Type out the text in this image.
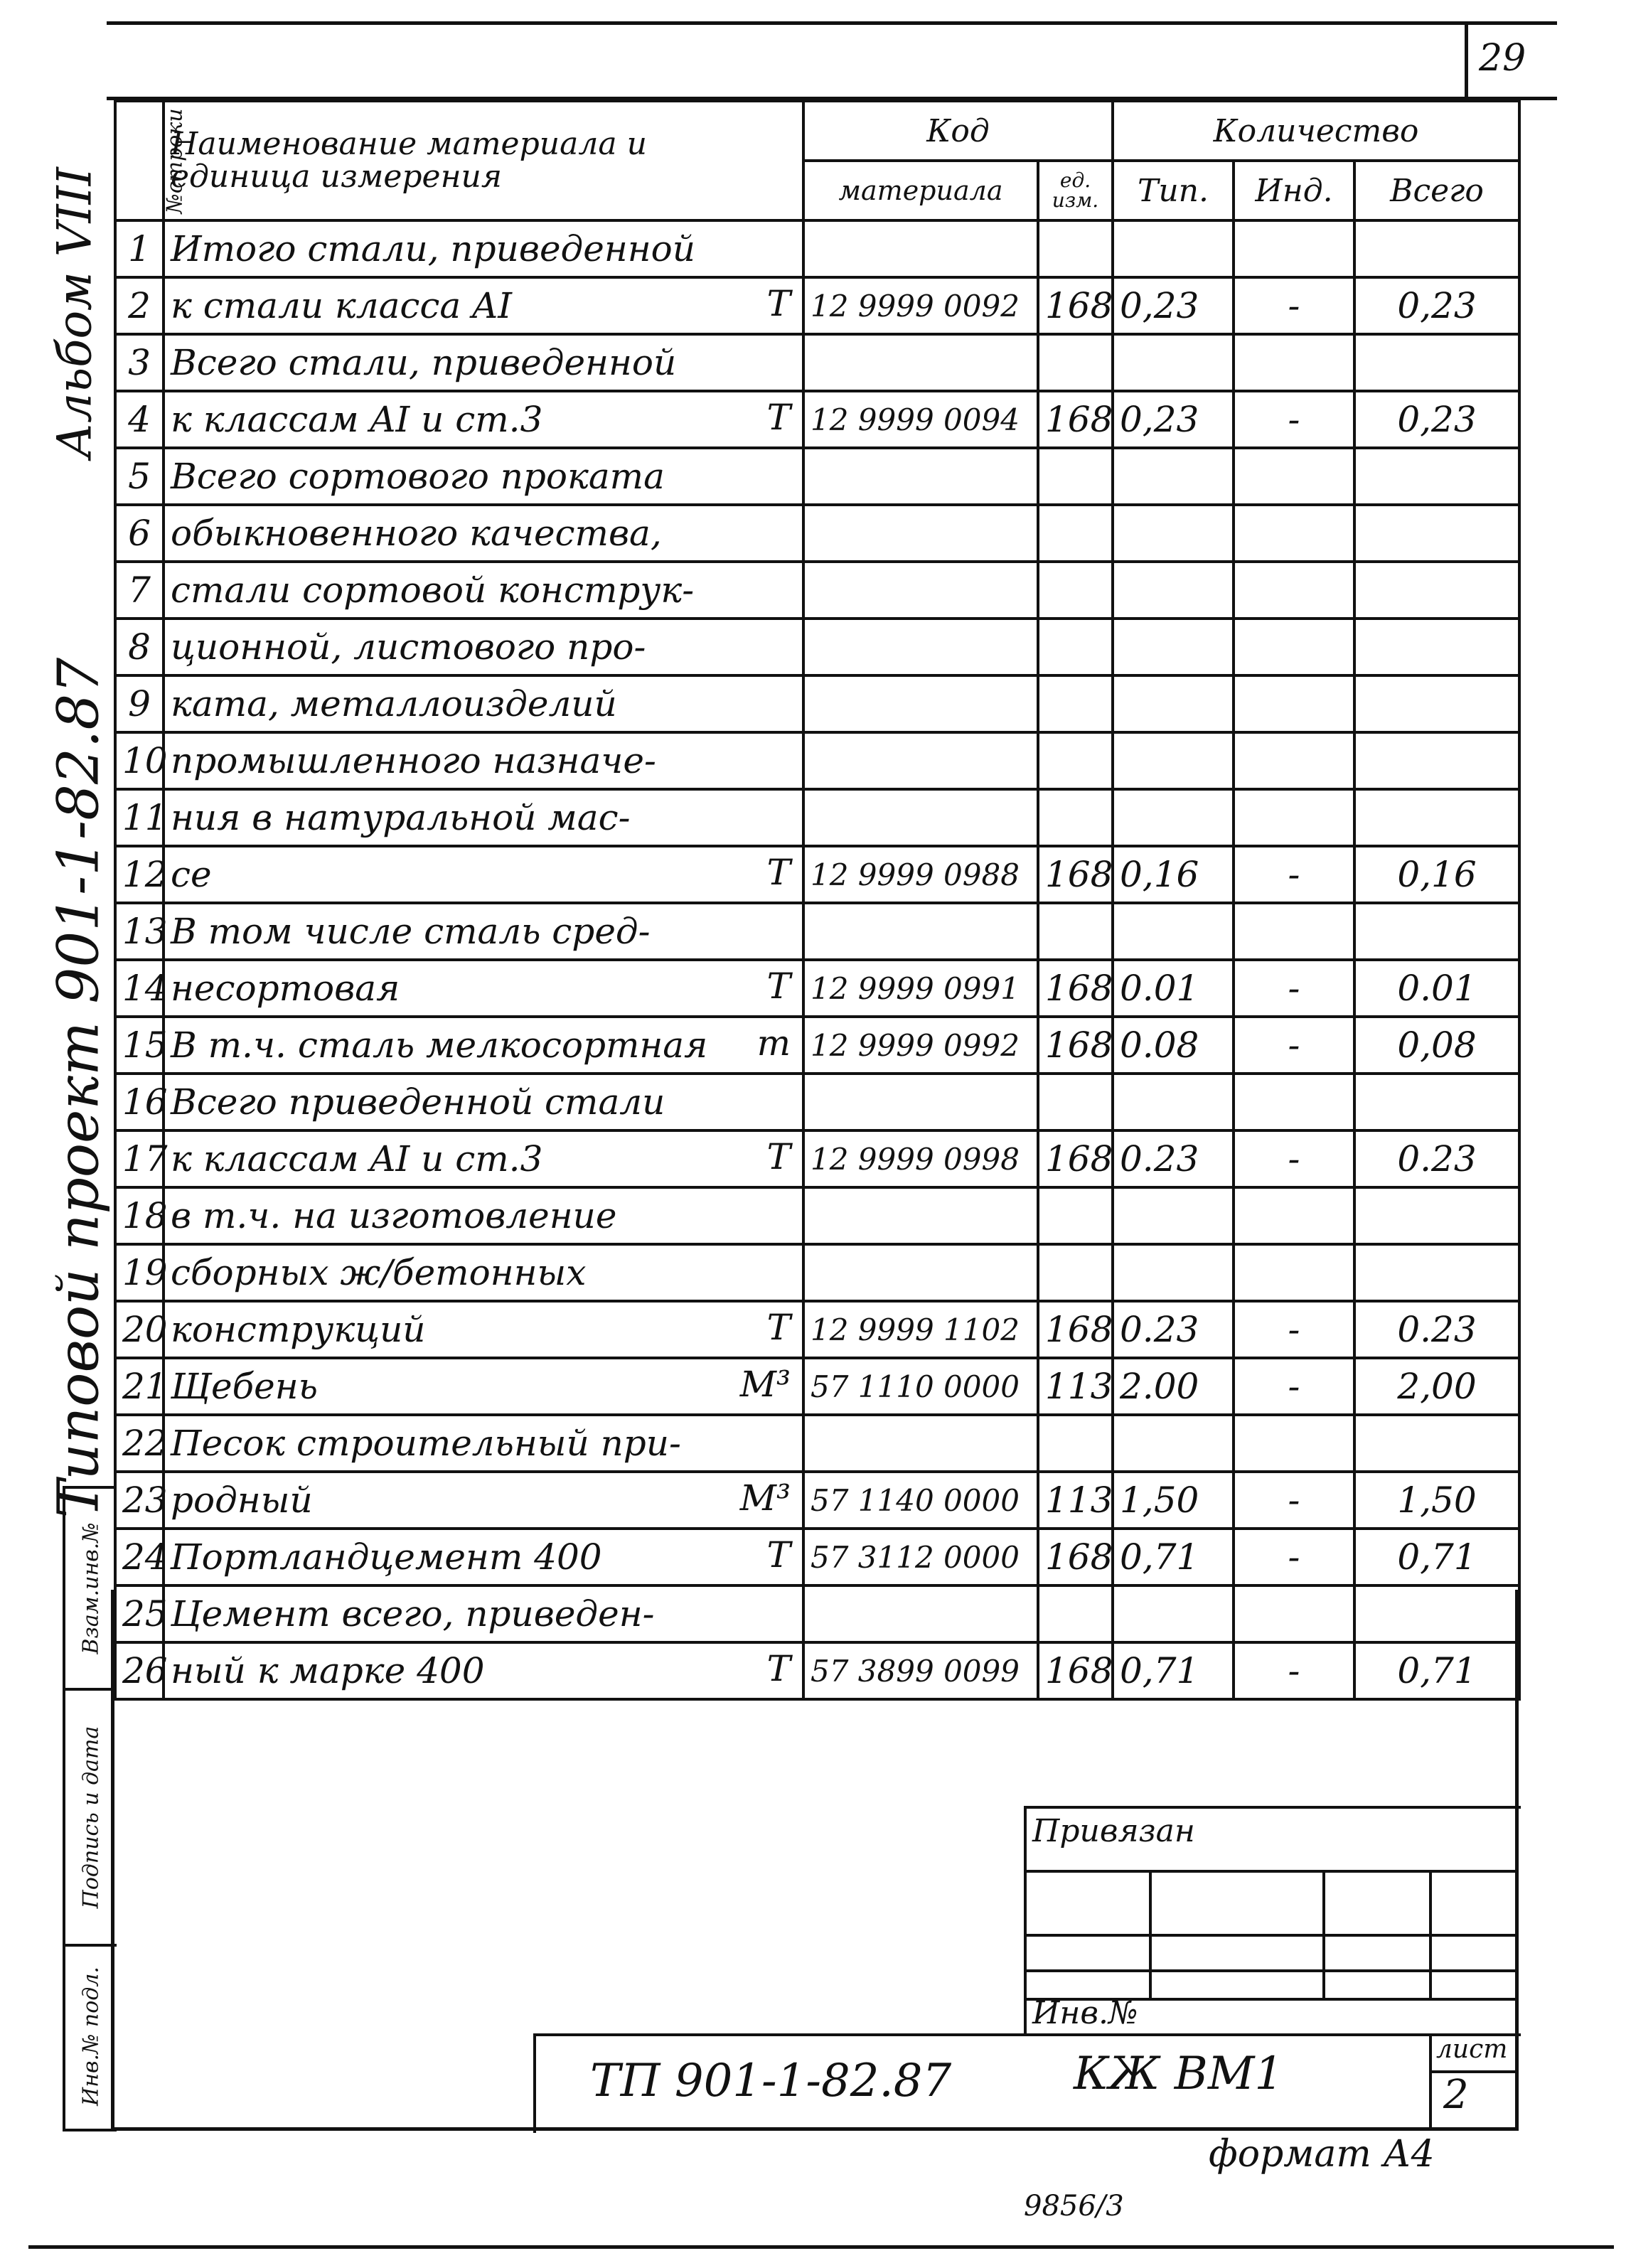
29
Альбом VIII
Типовой проект 901-1-82.87
№строки	Наименование материала и единица измерения	Код		Количество		
		материала	ед. изм.	Тип.	Инд.	Всего
1	Итого стали, приведенной

2	к стали класса AI Т	12 9999 0092	168	0,23	-	0,23
3	Всего стали, приведенной

4	к классам AI и ст.3 Т	12 9999 0094	168	0,23	-	0,23
5	Всего сортового проката

6	обыкновенного качества,

7	стали сортовой конструк-

8	ционной, листового про-

9	ката, металлоизделий

10	промышленного назначе-

11	ния в натуральной мас-

12	се Т	12 9999 0988	168	0,16	-	0,16
13	В том числе сталь сред-

14	несортовая Т	12 9999 0991	168	0.01	-	0.01
15	В т.ч. сталь мелкосортная т	12 9999 0992	168	0.08	-	0,08
16	Всего приведенной стали

17	к классам AI и ст.3 Т	12 9999 0998	168	0.23	-	0.23
18	в т.ч. на изготовление

19	сборных ж/бетонных

20	конструкций Т	12 9999 1102	168	0.23	-	0.23
21	Щебень М³	57 1110 0000	113	2.00	-	2,00
22	Песок строительный при-

23	родный М³	57 1140 0000	113	1,50	-	1,50
24	Портландцемент 400 Т	57 3112 0000	168	0,71	-	0,71
25	Цемент всего, приведен-

26	ный к марке 400 Т	57 3899 0099	168	0,71	-	0,71
Взам.инв.№
Подпись и дата
Инв.№ подл.
Привязан
Инв.№
ТП 901-1-82.87	КЖ ВМ1	лист
2
формат А4
9856/3
